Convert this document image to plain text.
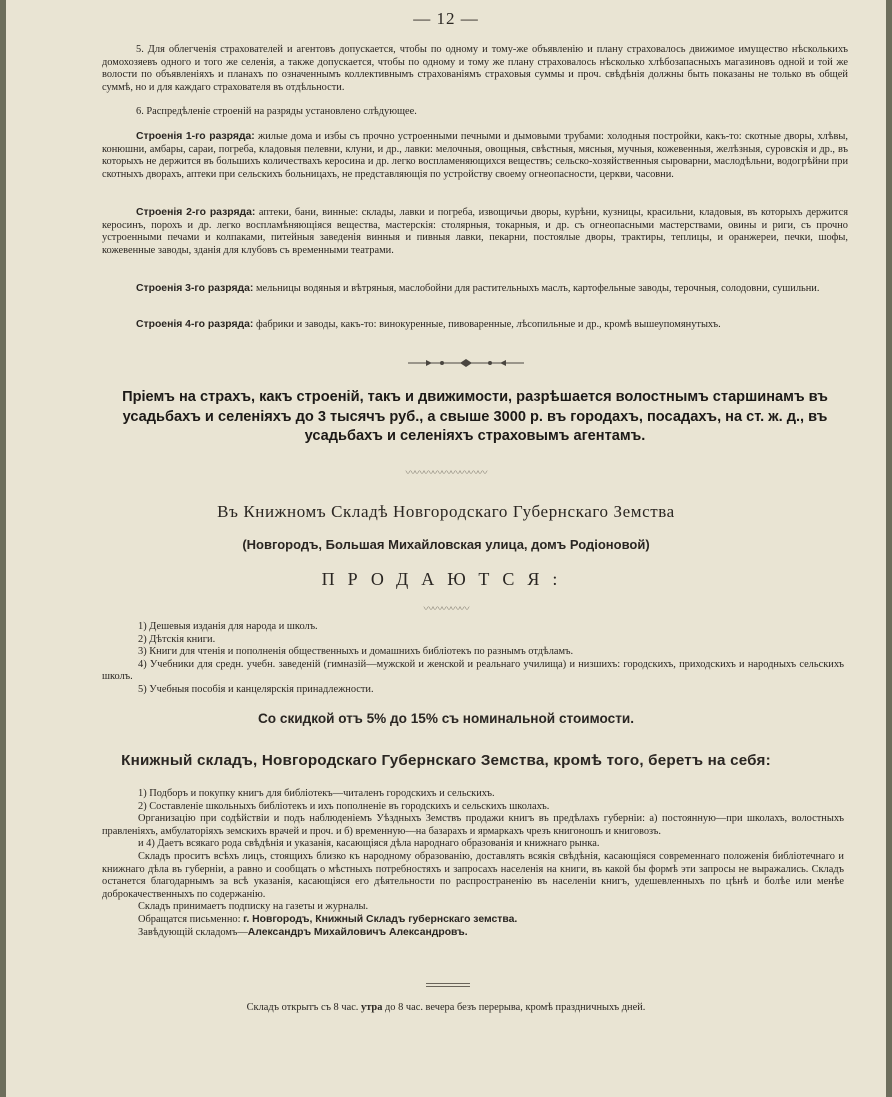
— 12 —
5. Для облегченія страхователей и агентовъ допускается, чтобы по одному и тому-же объявленію и плану страховалось движимое имущество нѣсколькихъ домохозяевъ одного и того же селенія, а также допускается, чтобы по одному и тому же плану страховалось нѣсколько хлѣбозапасныхъ магазиновъ одной и той же волости по объявленіяхъ и планахъ по означеннымъ коллективнымъ страхованіямъ страховыя суммы и проч. свѣдѣнія должны быть показаны не только въ общей суммѣ, но и для каждаго страхователя въ отдѣльности.
6. Распредѣленіе строеній на разряды установлено слѣдующее.
Строенія 1-го разряда: жилые дома и избы съ прочно устроенными печными и дымовыми трубами: холодныя постройки, какъ-то: скотные дворы, хлѣвы, конюшни, амбары, сараи, погреба, кладовыя пелевни, клуни, и др., лавки: мелочныя, овощныя, свѣстныя, мясныя, мучныя, кожевенныя, желѣзныя, суровскія и др., въ которыхъ не держится въ большихъ количествахъ керосина и др. легко воспламеняющихся веществъ; сельско-хозяйственныя сыроварни, маслодѣльни, водогрѣйни при скотныхъ дворахъ, аптеки при сельскихъ больницахъ, не представляющія по устройству своему огнеопасности, церкви, часовни.
Строенія 2-го разряда: аптеки, бани, винные: склады, лавки и погреба, извощичьи дворы, курѣни, кузницы, красильни, кладовыя, въ которыхъ держится керосинъ, порохъ и др. легко воспламѣняющіяся вещества, мастерскія: столярныя, токарныя, и др. съ огнеопасными мастерствами, овины и риги, съ прочно устроенными печами и колпаками, питейныя заведенія винныя и пивныя лавки, пекарни, постоялые дворы, трактиры, теплицы, и оранжереи, печки, шофы, кожевенные заводы, зданія для клубовъ съ временными театрами.
Строенія 3-го разряда: мельницы водяныя и вѣтряныя, маслобойни для растительныхъ маслъ, картофельные заводы, терочныя, солодовни, сушильни.
Строенія 4-го разряда: фабрики и заводы, какъ-то: винокуренные, пивоваренные, лѣсопильные и др., кромѣ вышеупомянутыхъ.
Пріемъ на страхъ, какъ строеній, такъ и движимости, разрѣшается волостнымъ старшинамъ въ усадьбахъ и селеніяхъ до 3 тысячъ руб., а свыше 3000 р. въ городахъ, посадахъ, на ст. ж. д., въ усадьбахъ и селеніяхъ страховымъ агентамъ.
〰〰〰〰〰〰〰〰〰
Въ Книжномъ Складѣ Новгородскаго Губернскаго Земства
(Новгородъ, Большая Михайловская улица, домъ Родіоновой)
ПРОДАЮТСЯ:
〰〰〰〰〰
1) Дешевыя изданія для народа и школъ.
2) Дѣтскія книги.
3) Книги для чтенія и пополненія общественныхъ и домашнихъ библіотекъ по разнымъ отдѣламъ.
4) Учебники для средн. учебн. заведеній (гимназій—мужской и женской и реальнаго училища) и низшихъ: городскихъ, приходскихъ и народныхъ сельскихъ школъ.
5) Учебныя пособія и канцелярскія принадлежности.
Со скидкой отъ 5% до 15% съ номинальной стоимости.
Книжный складъ, Новгородскаго Губернскаго Земства, кромѣ того, беретъ на себя:
1) Подборъ и покупку книгъ для библіотекъ—читаленъ городскихъ и сельскихъ.
2) Составленіе школьныхъ библіотекъ и ихъ пополненіе въ городскихъ и сельскихъ школахъ.
Организацію при содѣйствіи и подъ наблюденіемъ Уѣздныхъ Земствъ продажи книгъ въ предѣлахъ губерніи: а) постоянную—при школахъ, волостныхъ правленіяхъ, амбулаторіяхъ земскихъ врачей и проч. и б) временную—на базарахъ и ярмаркахъ чрезъ книгоношъ и книговозъ.
и 4) Даетъ всякаго рода свѣдѣнія и указанія, касающіяся дѣла народнаго образованія и книжнаго рынка.
Складъ проситъ всѣхъ лицъ, стоящихъ близко къ народному образованію, доставлять всякія свѣдѣнія, касающіяся современнаго положенія библіотечнаго и книжнаго дѣла въ губерніи, а равно и сообщать о мѣстныхъ потребностяхъ и запросахъ населенія на книги, въ какой бы формѣ эти запросы не выражались. Складъ останется благодарнымъ за всѣ указанія, касающіяся его дѣятельности по распространенію въ населеніи книгъ, удешевленныхъ по цѣнѣ и болѣе или менѣе доброкачественныхъ по содержанію.
Складъ принимаетъ подписку на газеты и журналы.
Обращатся письменно: г. Новгородъ, Книжный Складъ губернскаго земства.
Завѣдующій складомъ—Александръ Михайловичъ Александровъ.
Складъ открытъ съ 8 час. утра до 8 час. вечера безъ перерыва, кромѣ праздничныхъ дней.
